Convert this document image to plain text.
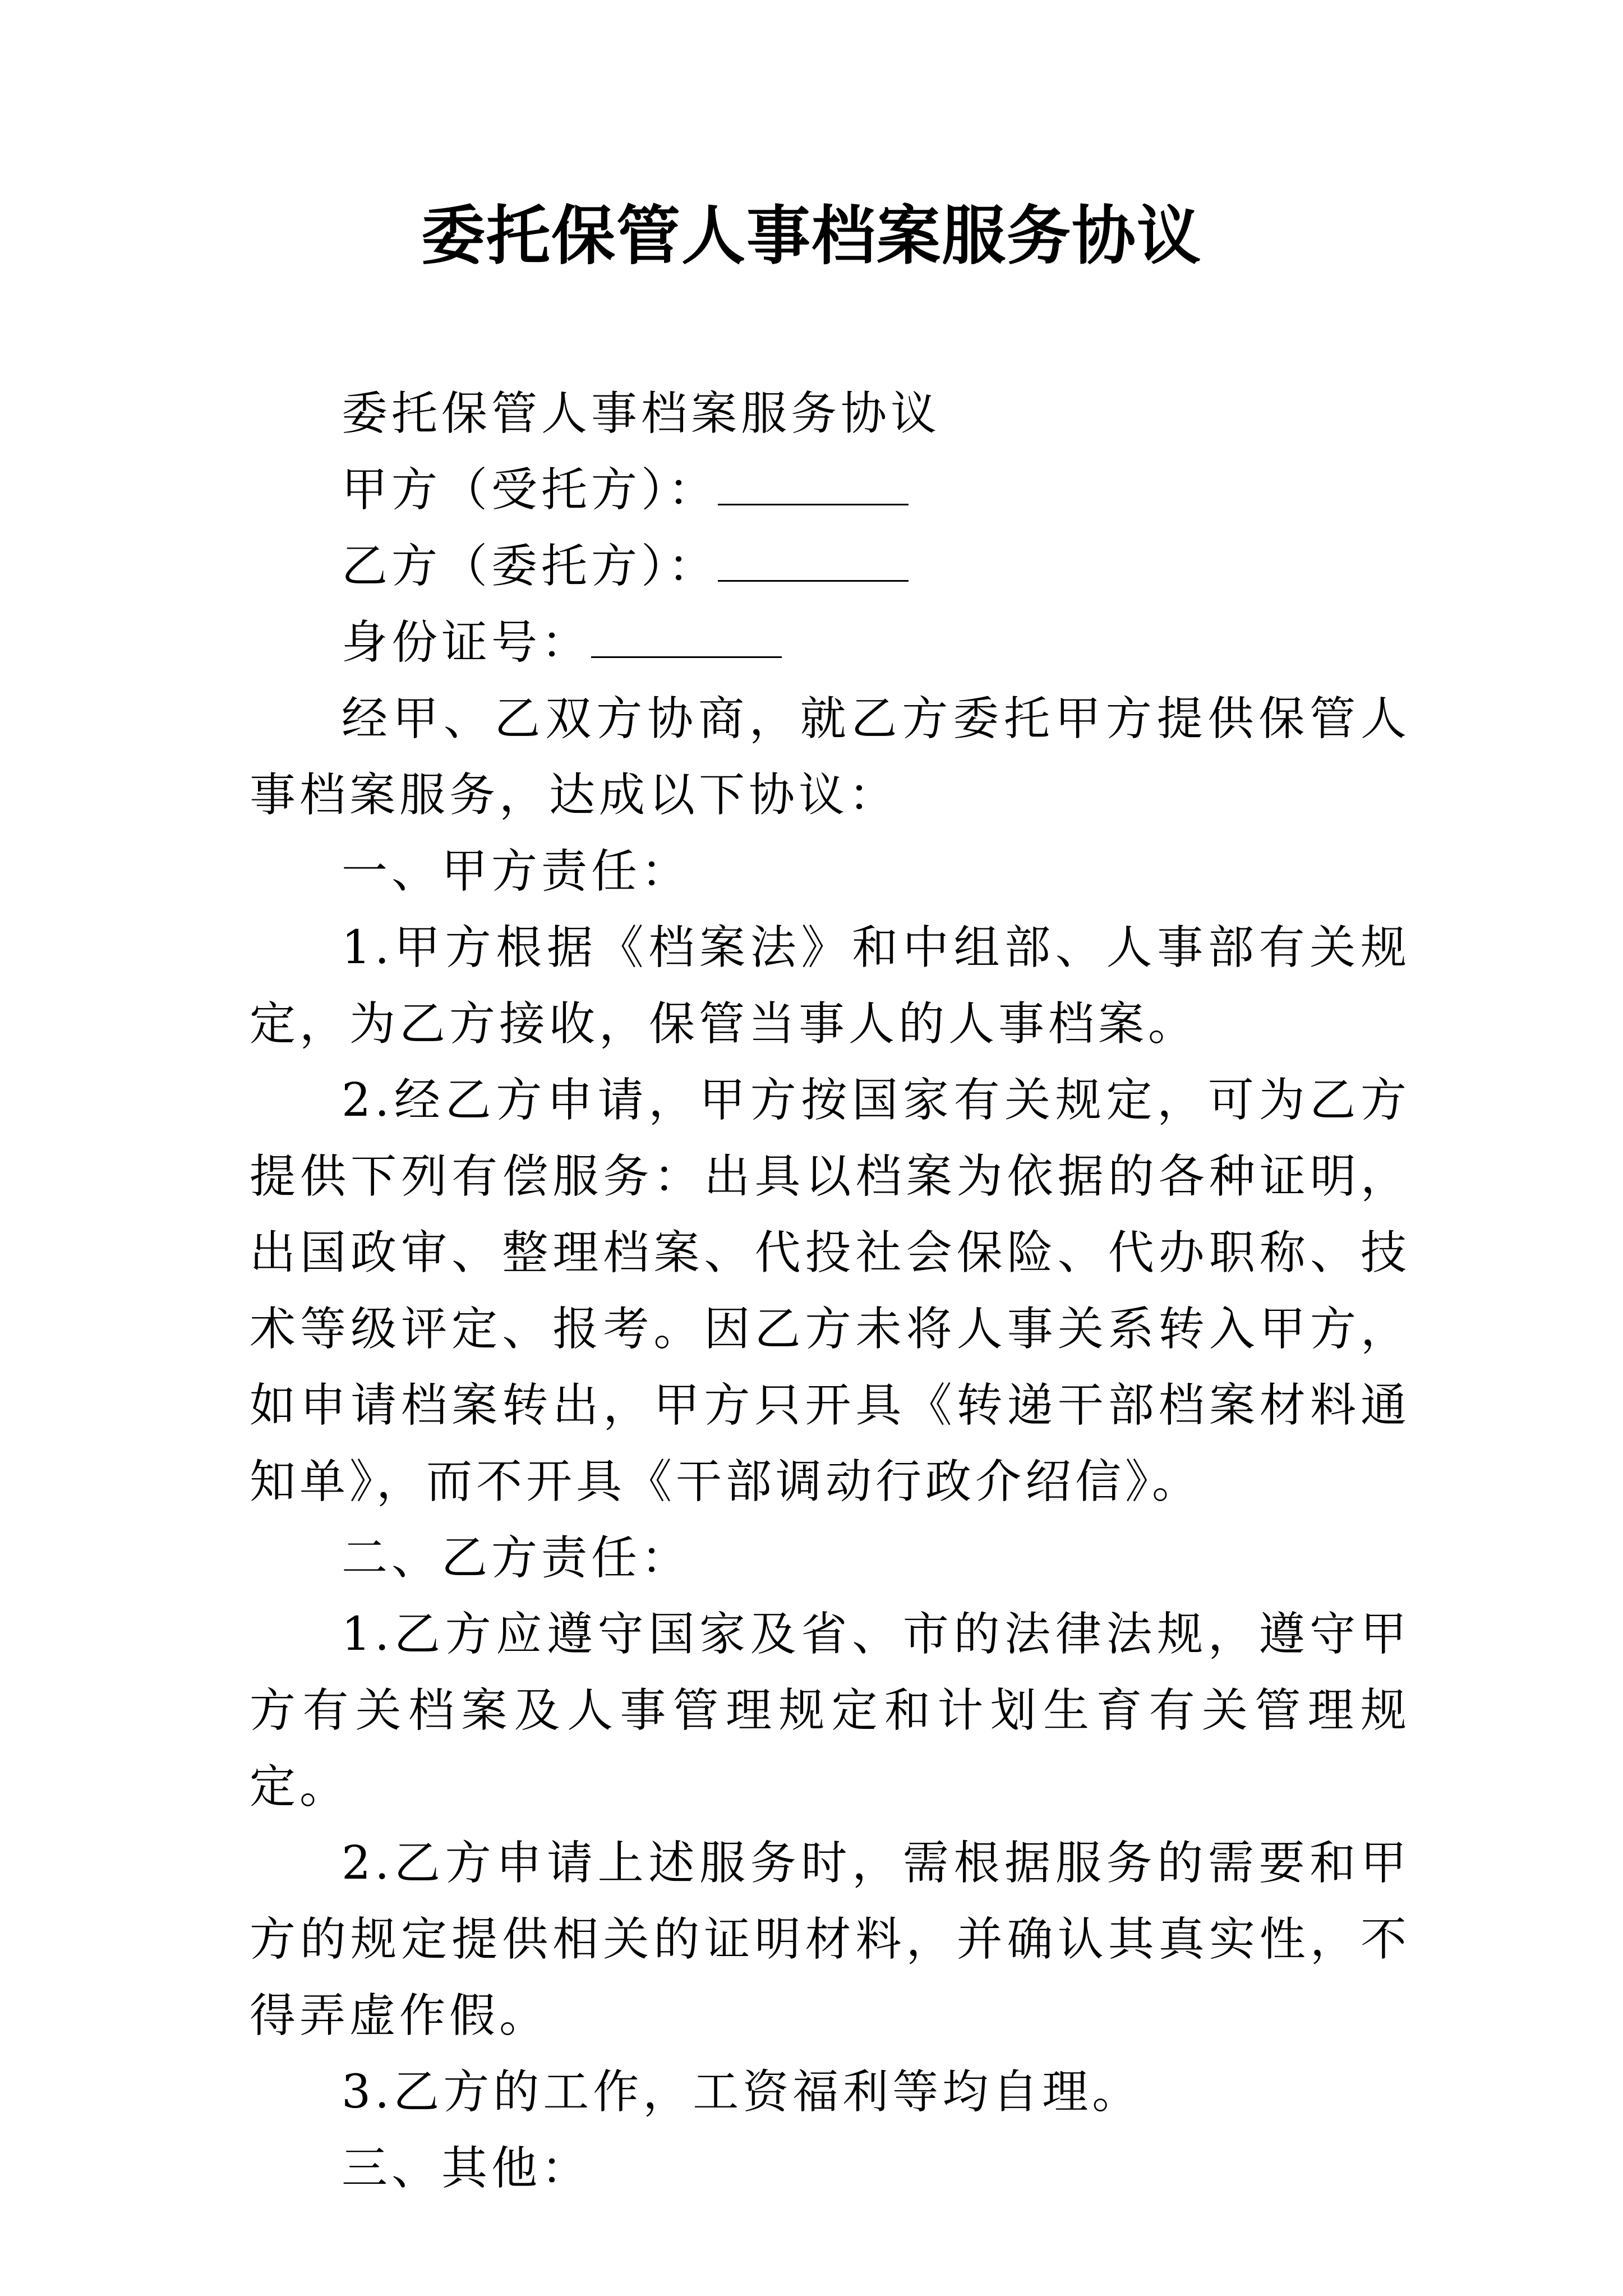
委托保管人事档案服务协议

委托保管人事档案服务协议

甲方（受托方）：

乙方（委托方）：

身份证号：

经甲、乙双方协商，就乙方委托甲方提供保管人事档案服务，达成以下协议：

一、甲方责任：

1.甲方根据《档案法》和中组部、人事部有关规定，为乙方接收，保管当事人的人事档案。

2.经乙方申请，甲方按国家有关规定，可为乙方提供下列有偿服务：出具以档案为依据的各种证明，出国政审、整理档案、代投社会保险、代办职称、技术等级评定、报考。因乙方未将人事关系转入甲方，如申请档案转出，甲方只开具《转递干部档案材料通知单》，而不开具《干部调动行政介绍信》。

二、乙方责任：

1.乙方应遵守国家及省、市的法律法规，遵守甲方有关档案及人事管理规定和计划生育有关管理规定。

2.乙方申请上述服务时，需根据服务的需要和甲方的规定提供相关的证明材料，并确认其真实性，不得弄虚作假。

3.乙方的工作，工资福利等均自理。

三、其他：
